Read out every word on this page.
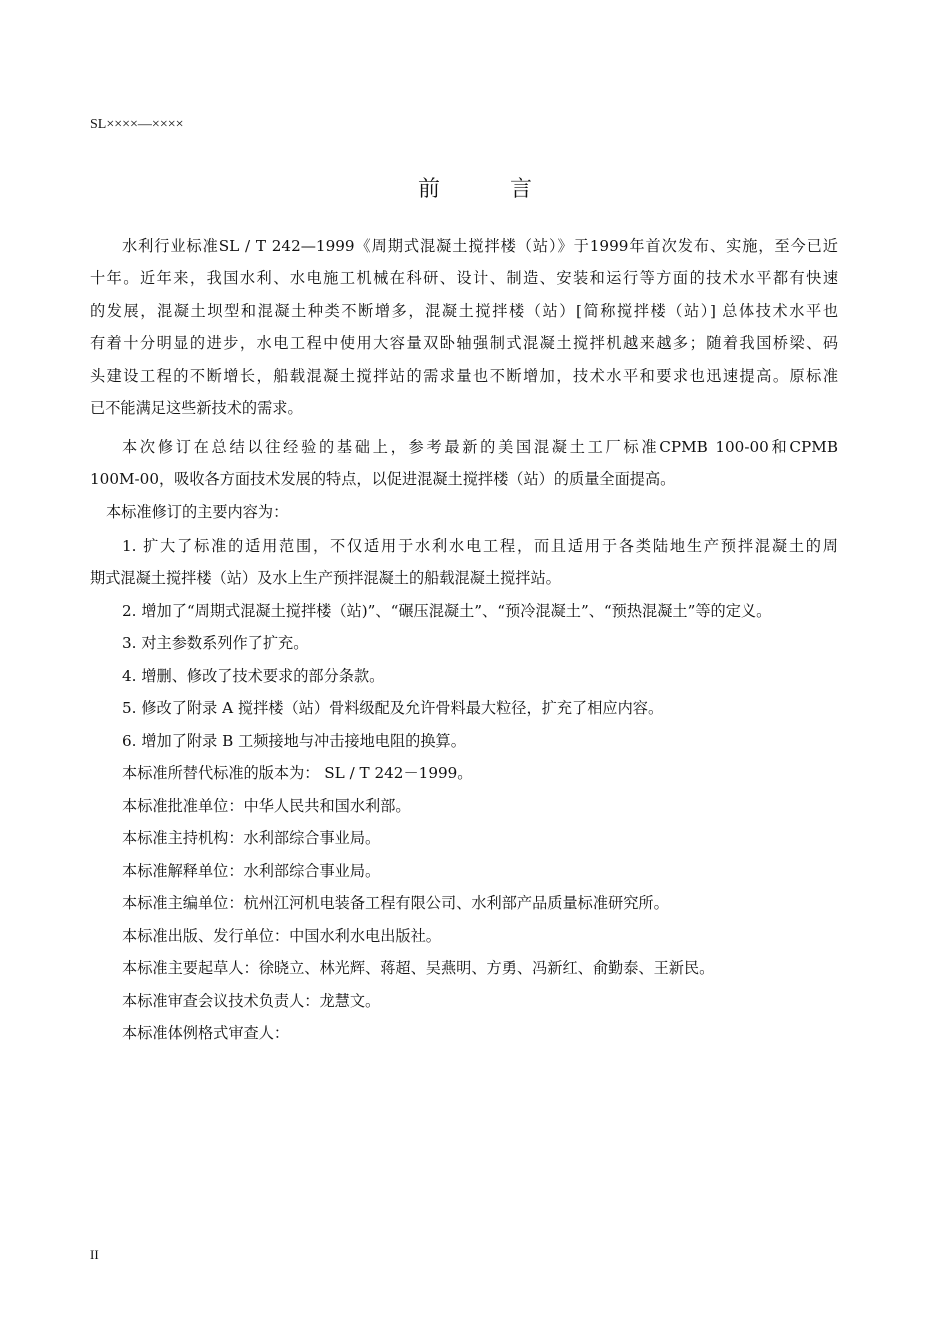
SL××××—××××
前	言
水利行业标准SL / T 242—1999《周期式混凝土搅拌楼（站）》于1999年首次发布、实施，至今已近
十年。近年来，我国水利、水电施工机械在科研、设计、制造、安装和运行等方面的技术水平都有快速
的发展，混凝土坝型和混凝土种类不断增多，混凝土搅拌楼（站）[简称搅拌楼（站）] 总体技术水平也
有着十分明显的进步，水电工程中使用大容量双卧轴强制式混凝土搅拌机越来越多；随着我国桥梁、码
头建设工程的不断增长，船载混凝土搅拌站的需求量也不断增加，技术水平和要求也迅速提高。原标准
已不能满足这些新技术的需求。
本次修订在总结以往经验的基础上，参考最新的美国混凝土工厂标准CPMB 100-00和CPMB
100M-00，吸收各方面技术发展的特点，以促进混凝土搅拌楼（站）的质量全面提高。
本标准修订的主要内容为：
1. 扩大了标准的适用范围，不仅适用于水利水电工程，而且适用于各类陆地生产预拌混凝土的周
期式混凝土搅拌楼（站）及水上生产预拌混凝土的船载混凝土搅拌站。
2. 增加了“周期式混凝土搅拌楼（站)”、“碾压混凝土”、“预冷混凝土”、“预热混凝土”等的定义。
3. 对主参数系列作了扩充。
4. 增删、修改了技术要求的部分条款。
5. 修改了附录 A 搅拌楼（站）骨料级配及允许骨料最大粒径，扩充了相应内容。
6. 增加了附录 B 工频接地与冲击接地电阻的换算。
本标准所替代标准的版本为： SL / T 242－1999。
本标准批准单位：中华人民共和国水利部。
本标准主持机构：水利部综合事业局。
本标准解释单位：水利部综合事业局。
本标准主编单位：杭州江河机电装备工程有限公司、水利部产品质量标准研究所。
本标准出版、发行单位：中国水利水电出版社。
本标准主要起草人：徐晓立、林光辉、蒋超、吴燕明、方勇、冯新红、俞勤泰、王新民。
本标准审查会议技术负责人：龙慧文。
本标准体例格式审查人：
II
